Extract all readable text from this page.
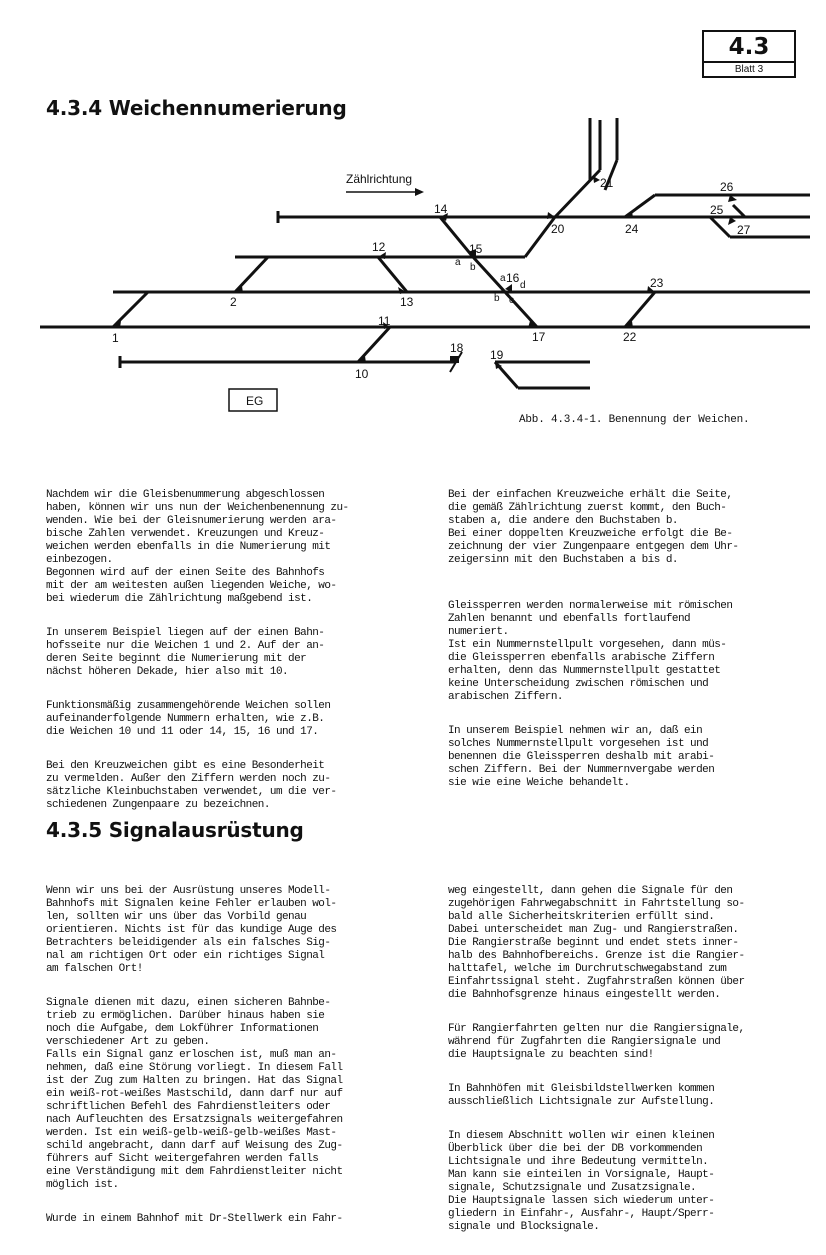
4.3
Blatt 3
4.3.4 Weichennumerierung
Zählrichtung
1
2
10
11
12
13
14
15
16
17
18 19
20
21
22
23
24
25
26
27
a b
a
b c
d
EG
Abb. 4.3.4-1. Benennung der Weichen.

Nachdem wir die Gleisbenummerung abgeschlossen
haben, können wir uns nun der Weichenbenennung zu-
wenden. Wie bei der Gleisnumerierung werden ara-
bische Zahlen verwendet. Kreuzungen und Kreuz-
weichen werden ebenfalls in die Numerierung mit
einbezogen.
Begonnen wird auf der einen Seite des Bahnhofs
mit der am weitesten außen liegenden Weiche, wo-
bei wiederum die Zählrichtung maßgebend ist.

In unserem Beispiel liegen auf der einen Bahn-
hofsseite nur die Weichen 1 und 2. Auf der an-
deren Seite beginnt die Numerierung mit der
nächst höheren Dekade, hier also mit 10.

Funktionsmäßig zusammengehörende Weichen sollen
aufeinanderfolgende Nummern erhalten, wie z.B.
die Weichen 10 und 11 oder 14, 15, 16 und 17.

Bei den Kreuzweichen gibt es eine Besonderheit
zu vermelden. Außer den Ziffern werden noch zu-
sätzliche Kleinbuchstaben verwendet, um die ver-
schiedenen Zungenpaare zu bezeichnen.

Bei der einfachen Kreuzweiche erhält die Seite,
die gemäß Zählrichtung zuerst kommt, den Buch-
staben a, die andere den Buchstaben b.
Bei einer doppelten Kreuzweiche erfolgt die Be-
zeichnung der vier Zungenpaare entgegen dem Uhr-
zeigersinn mit den Buchstaben a bis d.

Gleissperren werden normalerweise mit römischen
Zahlen benannt und ebenfalls fortlaufend
numeriert.
Ist ein Nummernstellpult vorgesehen, dann müs-
die Gleissperren ebenfalls arabische Ziffern
erhalten, denn das Nummernstellpult gestattet
keine Unterscheidung zwischen römischen und
arabischen Ziffern.

In unserem Beispiel nehmen wir an, daß ein
solches Nummernstellpult vorgesehen ist und
benennen die Gleissperren deshalb mit arabi-
schen Ziffern. Bei der Nummernvergabe werden
sie wie eine Weiche behandelt.

4.3.5 Signalausrüstung

Wenn wir uns bei der Ausrüstung unseres Modell-
Bahnhofs mit Signalen keine Fehler erlauben wol-
len, sollten wir uns über das Vorbild genau
orientieren. Nichts ist für das kundige Auge des
Betrachters beleidigender als ein falsches Sig-
nal am richtigen Ort oder ein richtiges Signal
am falschen Ort!

Signale dienen mit dazu, einen sicheren Bahnbe-
trieb zu ermöglichen. Darüber hinaus haben sie
noch die Aufgabe, dem Lokführer Informationen
verschiedener Art zu geben.
Falls ein Signal ganz erloschen ist, muß man an-
nehmen, daß eine Störung vorliegt. In diesem Fall
ist der Zug zum Halten zu bringen. Hat das Signal
ein weiß-rot-weißes Mastschild, dann darf nur auf
schriftlichen Befehl des Fahrdienstleiters oder
nach Aufleuchten des Ersatzsignals weitergefahren
werden. Ist ein weiß-gelb-weiß-gelb-weißes Mast-
schild angebracht, dann darf auf Weisung des Zug-
führers auf Sicht weitergefahren werden falls
eine Verständigung mit dem Fahrdienstleiter nicht
möglich ist.

Wurde in einem Bahnhof mit Dr-Stellwerk ein Fahr-

weg eingestellt, dann gehen die Signale für den
zugehörigen Fahrwegabschnitt in Fahrtstellung so-
bald alle Sicherheitskriterien erfüllt sind.
Dabei unterscheidet man Zug- und Rangierstraßen.
Die Rangierstraße beginnt und endet stets inner-
halb des Bahnhofbereichs. Grenze ist die Rangier-
halttafel, welche im Durchrutschwegabstand zum
Einfahrtssignal steht. Zugfahrstraßen können über
die Bahnhofsgrenze hinaus eingestellt werden.

Für Rangierfahrten gelten nur die Rangiersignale,
während für Zugfahrten die Rangiersignale und
die Hauptsignale zu beachten sind!

In Bahnhöfen mit Gleisbildstellwerken kommen
ausschließlich Lichtsignale zur Aufstellung.

In diesem Abschnitt wollen wir einen kleinen
Überblick über die bei der DB vorkommenden
Lichtsignale und ihre Bedeutung vermitteln.
Man kann sie einteilen in Vorsignale, Haupt-
signale, Schutzsignale und Zusatzsignale.
Die Hauptsignale lassen sich wiederum unter-
gliedern in Einfahr-, Ausfahr-, Haupt/Sperr-
signale und Blocksignale.
